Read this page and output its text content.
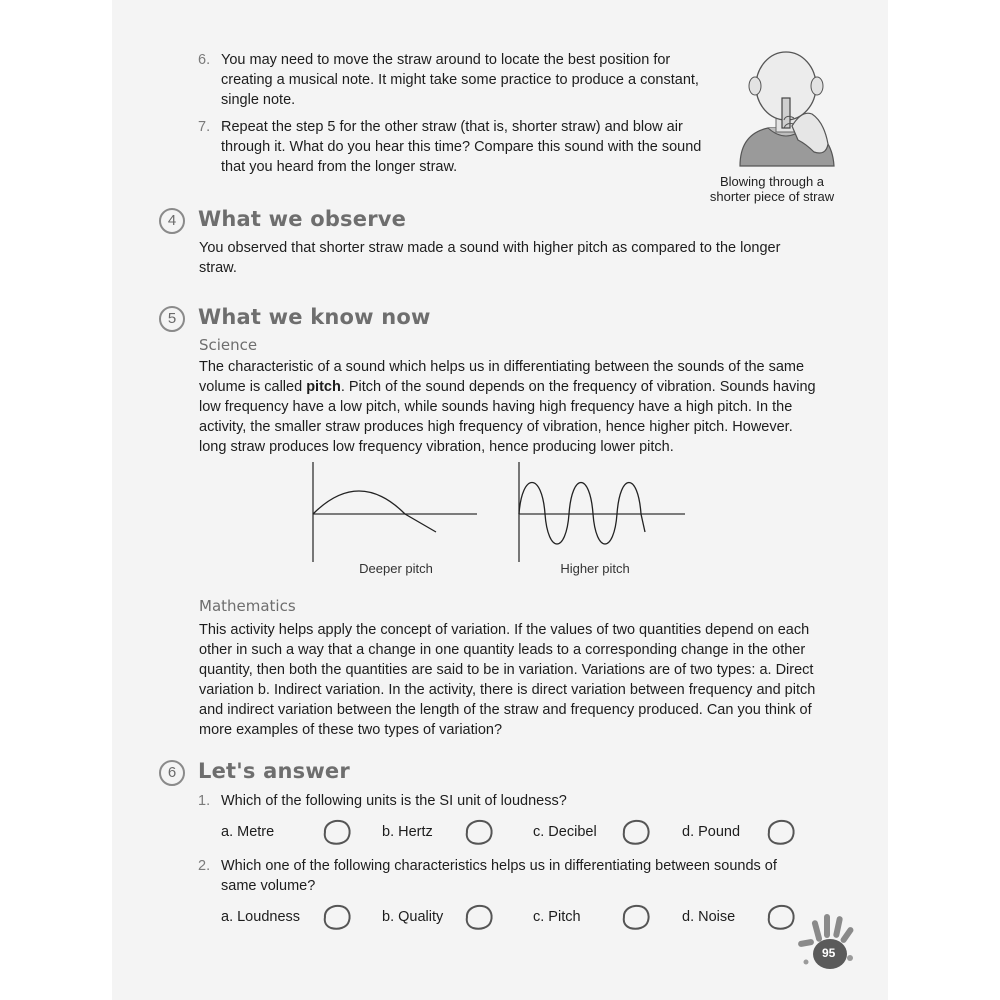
6. You may need to move the straw around to locate the best position for
creating a musical note. It might take some practice to produce a constant,
single note.
7. Repeat the step 5 for the other straw (that is, shorter straw) and blow air
through it. What do you hear this time? Compare this sound with the sound
that you heard from the longer straw.
Blowing through a
shorter piece of straw
4	What we observe
You observed that shorter straw made a sound with higher pitch as compared to the longer
straw.
5	What we know now
Science
The characteristic of a sound which helps us in differentiating between the sounds of the same
volume is called pitch. Pitch of the sound depends on the frequency of vibration. Sounds having
low frequency have a low pitch, while sounds having high frequency have a high pitch. In the
activity, the smaller straw produces high frequency of vibration, hence higher pitch. However.
long straw produces low frequency vibration, hence producing lower pitch.
Deeper pitch	Higher pitch
Mathematics
This activity helps apply the concept of variation. If the values of two quantities depend on each
other in such a way that a change in one quantity leads to a corresponding change in the other
quantity, then both the quantities are said to be in variation. Variations are of two types: a. Direct
variation b. Indirect variation. In the activity, there is direct variation between frequency and pitch
and indirect variation between the length of the straw and frequency produced. Can you think of
more examples of these two types of variation?
6	Let's answer
1. Which of the following units is the SI unit of loudness?
a. Metre	b. Hertz	c. Decibel	d. Pound
2. Which one of the following characteristics helps us in differentiating between sounds of
same volume?
a. Loudness	b. Quality	c. Pitch	d. Noise
95
